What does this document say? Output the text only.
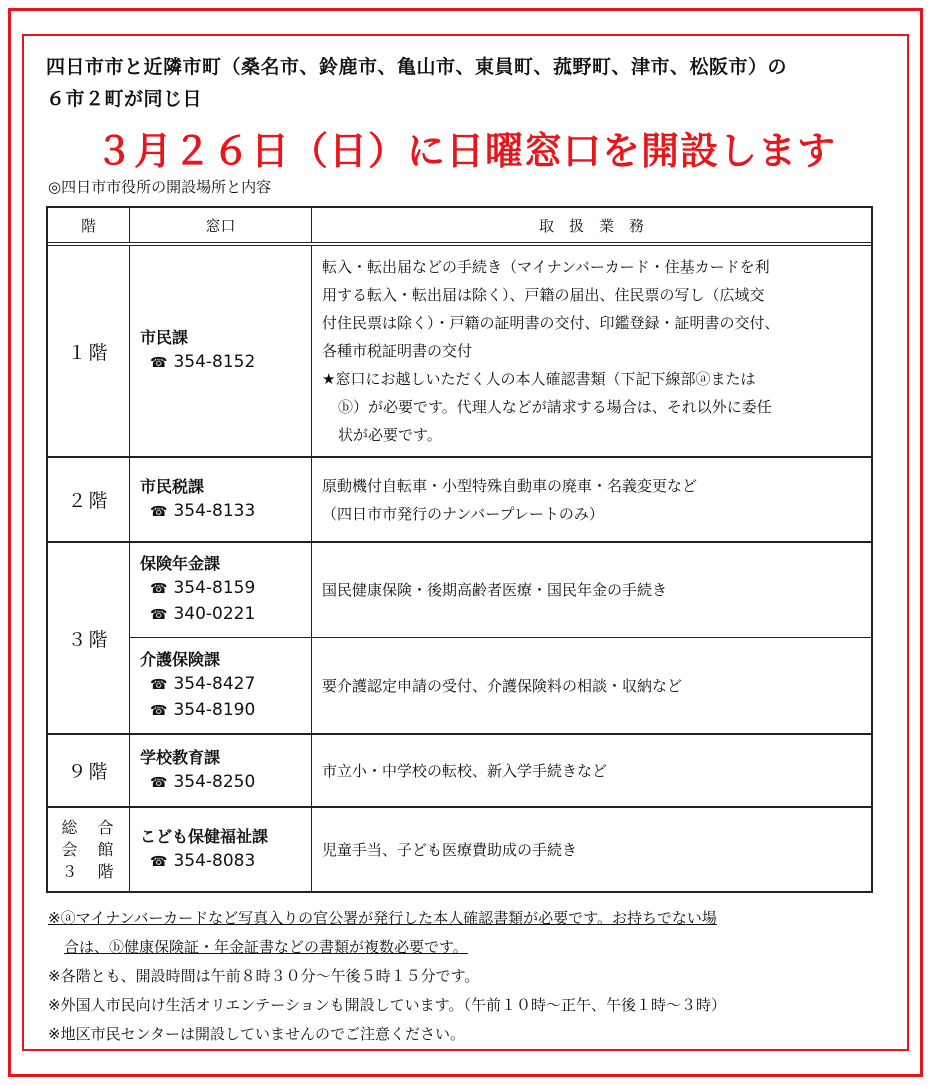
四日市市と近隣市町（桑名市、鈴鹿市、亀山市、東員町、菰野町、津市、松阪市）の
６市２町が同じ日
３月２６日（日）に日曜窓口を開設します
◎四日市市役所の開設場所と内容
階	窓口	取　扱　業　務
１階
市民課
☎ 354-8152
転入・転出届などの手続き（マイナンバーカード・住基カードを利
用する転入・転出届は除く）、戸籍の届出、住民票の写し（広域交
付住民票は除く）・戸籍の証明書の交付、印鑑登録・証明書の交付、
各種市税証明書の交付
★窓口にお越しいただく人の本人確認書類（下記下線部ⓐまたは
ⓑ）が必要です。代理人などが請求する場合は、それ以外に委任
状が必要です。
２階
市民税課
☎ 354-8133
原動機付自転車・小型特殊自動車の廃車・名義変更など
（四日市市発行のナンバープレートのみ）
３階
保険年金課
☎ 354-8159
☎ 340-0221
国民健康保険・後期高齢者医療・国民年金の手続き
介護保険課
☎ 354-8427
☎ 354-8190
要介護認定申請の受付、介護保険料の相談・収納など
９階
学校教育課
☎ 354-8250
市立小・中学校の転校、新入学手続きなど
総　合
会　館
３　階
こども保健福祉課
☎ 354-8083
児童手当、子ども医療費助成の手続き
※ⓐマイナンバーカードなど写真入りの官公署が発行した本人確認書類が必要です。お持ちでない場
合は、ⓑ健康保険証・年金証書などの書類が複数必要です。
※各階とも、開設時間は午前８時３０分～午後５時１５分です。
※外国人市民向け生活オリエンテーションも開設しています。（午前１０時～正午、午後１時～３時）
※地区市民センターは開設していませんのでご注意ください。
